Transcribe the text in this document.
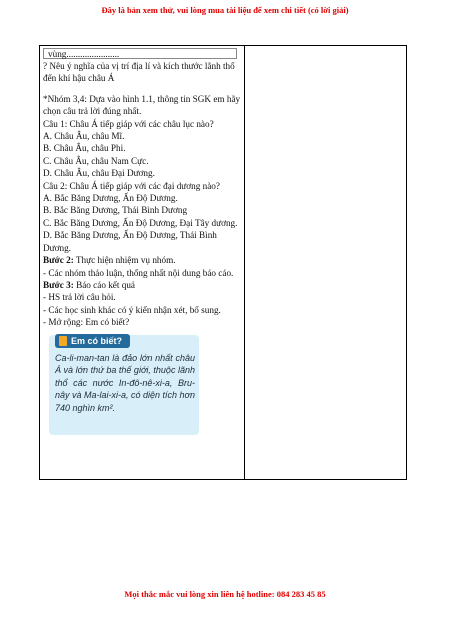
Đây là bản xem thử, vui lòng mua tài liệu để xem chi tiết (có lời giải)
vùng.......................
? Nêu ý nghĩa của vị trí địa lí và kích thước lãnh thổ đến khí hậu châu Á
*Nhóm 3,4: Dựa vào hình 1.1, thông tin SGK em hãy chọn câu trả lời đúng nhất.
Câu 1: Châu Á tiếp giáp với các châu lục nào?
A. Châu Âu, châu Mĩ.
B. Châu Âu, châu Phi.
C. Châu Âu, châu Nam Cực.
D. Châu Âu, châu Đại Dương.
Câu 2: Châu Á tiếp giáp với các đại dương nào?
A. Bắc Băng Dương, Ấn Độ Dương.
B. Bắc Băng Dương, Thái Bình Dương
C. Bắc Băng Dương, Ấn Độ Dương, Đại Tây dương.
D. Bắc Băng Dương, Ấn Độ Dương, Thái Bình Dương.
Bước 2: Thực hiện nhiệm vụ nhóm.
- Các nhóm thảo luận, thống nhất nội dung báo cáo.
Bước 3: Báo cáo kết quả
- HS trả lời câu hỏi.
- Các học sinh khác có ý kiến nhận xét, bổ sung.
- Mở rộng: Em có biết?
Em có biết?
Ca-li-man-tan là đảo lớn nhất châu Á và lớn thứ ba thế giới, thuộc lãnh thổ các nước In-đô-nê-xi-a, Bru-nây và Ma-lai-xi-a, có diện tích hơn 740 nghìn km².
Mọi thắc mắc vui lòng xin liên hệ hotline: 084 283 45 85
